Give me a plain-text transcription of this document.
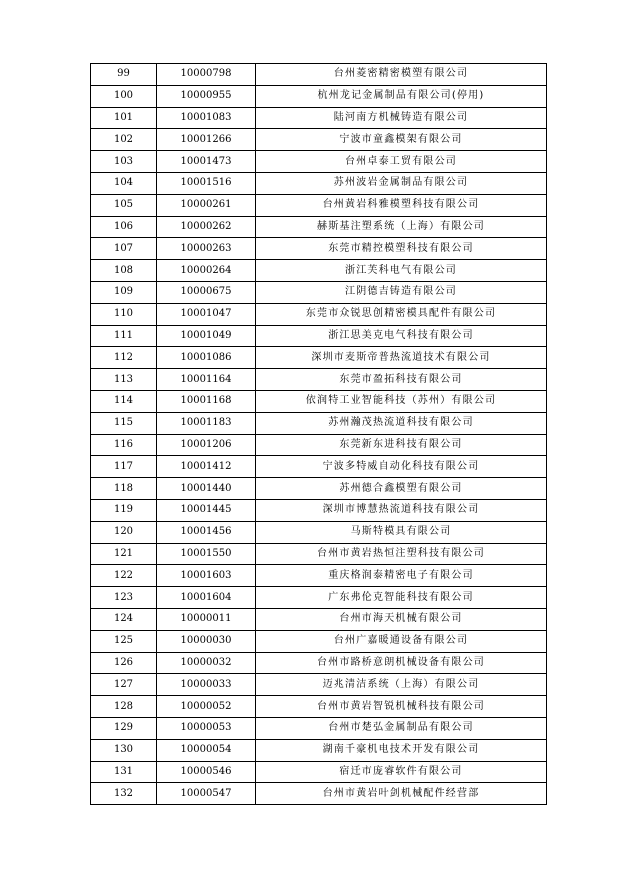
99	10000798	台州菱密精密模塑有限公司
100	10000955	杭州龙记金属制品有限公司(停用)
101	10001083	陆河南方机械铸造有限公司
102	10001266	宁波市童鑫模架有限公司
103	10001473	台州卓泰工贸有限公司
104	10001516	苏州波岩金属制品有限公司
105	10000261	台州黄岩科雅模塑科技有限公司
106	10000262	赫斯基注塑系统（上海）有限公司
107	10000263	东莞市精控模塑科技有限公司
108	10000264	浙江芙科电气有限公司
109	10000675	江阴德吉铸造有限公司
110	10001047	东莞市众锐思创精密模具配件有限公司
111	10001049	浙江思美克电气科技有限公司
112	10001086	深圳市麦斯帝普热流道技术有限公司
113	10001164	东莞市盈拓科技有限公司
114	10001168	依润特工业智能科技（苏州）有限公司
115	10001183	苏州瀚茂热流道科技有限公司
116	10001206	东莞新东进科技有限公司
117	10001412	宁波多特威自动化科技有限公司
118	10001440	苏州德合鑫模塑有限公司
119	10001445	深圳市博慧热流道科技有限公司
120	10001456	马斯特模具有限公司
121	10001550	台州市黄岩热恒注塑科技有限公司
122	10001603	重庆格润泰精密电子有限公司
123	10001604	广东弗伦克智能科技有限公司
124	10000011	台州市海天机械有限公司
125	10000030	台州广嘉暖通设备有限公司
126	10000032	台州市路桥意朗机械设备有限公司
127	10000033	迈兆清洁系统（上海）有限公司
128	10000052	台州市黄岩智锐机械科技有限公司
129	10000053	台州市楚弘金属制品有限公司
130	10000054	湖南千豪机电技术开发有限公司
131	10000546	宿迁市庞睿软件有限公司
132	10000547	台州市黄岩叶剑机械配件经营部
